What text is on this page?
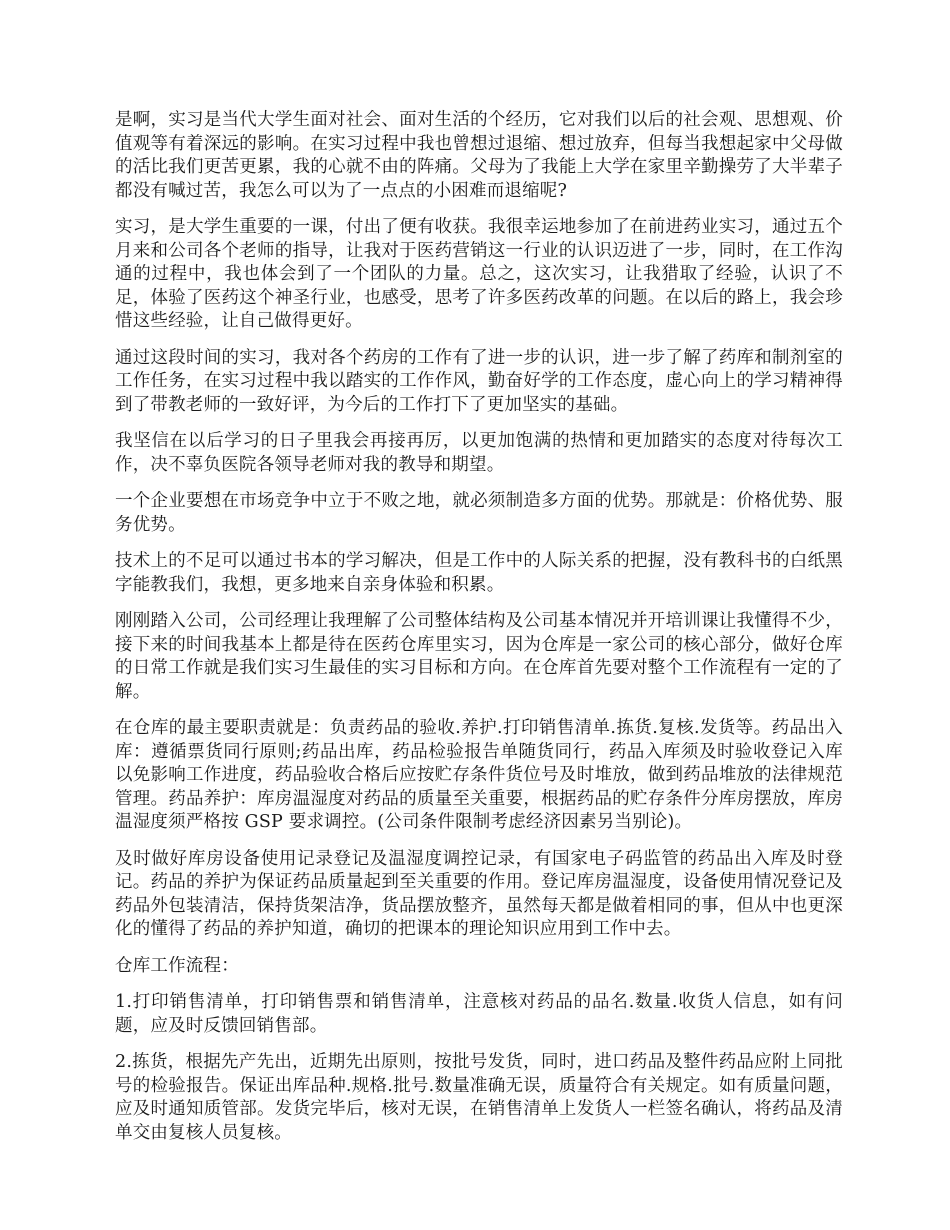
是啊，实习是当代大学生面对社会、面对生活的个经历，它对我们以后的社会观、思想观、价值观等有着深远的影响。在实习过程中我也曾想过退缩、想过放弃，但每当我想起家中父母做的活比我们更苦更累，我的心就不由的阵痛。父母为了我能上大学在家里辛勤操劳了大半辈子都没有喊过苦，我怎么可以为了一点点的小困难而退缩呢?

实习，是大学生重要的一课，付出了便有收获。我很幸运地参加了在前进药业实习，通过五个月来和公司各个老师的指导，让我对于医药营销这一行业的认识迈进了一步，同时，在工作沟通的过程中，我也体会到了一个团队的力量。总之，这次实习，让我猎取了经验，认识了不足，体验了医药这个神圣行业，也感受，思考了许多医药改革的问题。在以后的路上，我会珍惜这些经验，让自己做得更好。

通过这段时间的实习，我对各个药房的工作有了进一步的认识，进一步了解了药库和制剂室的工作任务，在实习过程中我以踏实的工作作风，勤奋好学的工作态度，虚心向上的学习精神得到了带教老师的一致好评，为今后的工作打下了更加坚实的基础。

我坚信在以后学习的日子里我会再接再厉，以更加饱满的热情和更加踏实的态度对待每次工作，决不辜负医院各领导老师对我的教导和期望。

一个企业要想在市场竞争中立于不败之地，就必须制造多方面的优势。那就是：价格优势、服务优势。

技术上的不足可以通过书本的学习解决，但是工作中的人际关系的把握，没有教科书的白纸黑字能教我们，我想，更多地来自亲身体验和积累。

刚刚踏入公司，公司经理让我理解了公司整体结构及公司基本情况并开培训课让我懂得不少，接下来的时间我基本上都是待在医药仓库里实习，因为仓库是一家公司的核心部分，做好仓库的日常工作就是我们实习生最佳的实习目标和方向。在仓库首先要对整个工作流程有一定的了解。

在仓库的最主要职责就是：负责药品的验收.养护.打印销售清单.拣货.复核.发货等。药品出入库：遵循票货同行原则;药品出库，药品检验报告单随货同行，药品入库须及时验收登记入库以免影响工作进度，药品验收合格后应按贮存条件货位号及时堆放，做到药品堆放的法律规范管理。药品养护：库房温湿度对药品的质量至关重要，根据药品的贮存条件分库房摆放，库房温湿度须严格按 GSP 要求调控。(公司条件限制考虑经济因素另当别论)。

及时做好库房设备使用记录登记及温湿度调控记录，有国家电子码监管的药品出入库及时登记。药品的养护为保证药品质量起到至关重要的作用。登记库房温湿度，设备使用情况登记及药品外包装清洁，保持货架洁净，货品摆放整齐，虽然每天都是做着相同的事，但从中也更深化的懂得了药品的养护知道，确切的把课本的理论知识应用到工作中去。

仓库工作流程：

1.打印销售清单，打印销售票和销售清单，注意核对药品的品名.数量.收货人信息，如有问题，应及时反馈回销售部。

2.拣货，根据先产先出，近期先出原则，按批号发货，同时，进口药品及整件药品应附上同批号的检验报告。保证出库品种.规格.批号.数量准确无误，质量符合有关规定。如有质量问题，应及时通知质管部。发货完毕后，核对无误，在销售清单上发货人一栏签名确认，将药品及清单交由复核人员复核。
